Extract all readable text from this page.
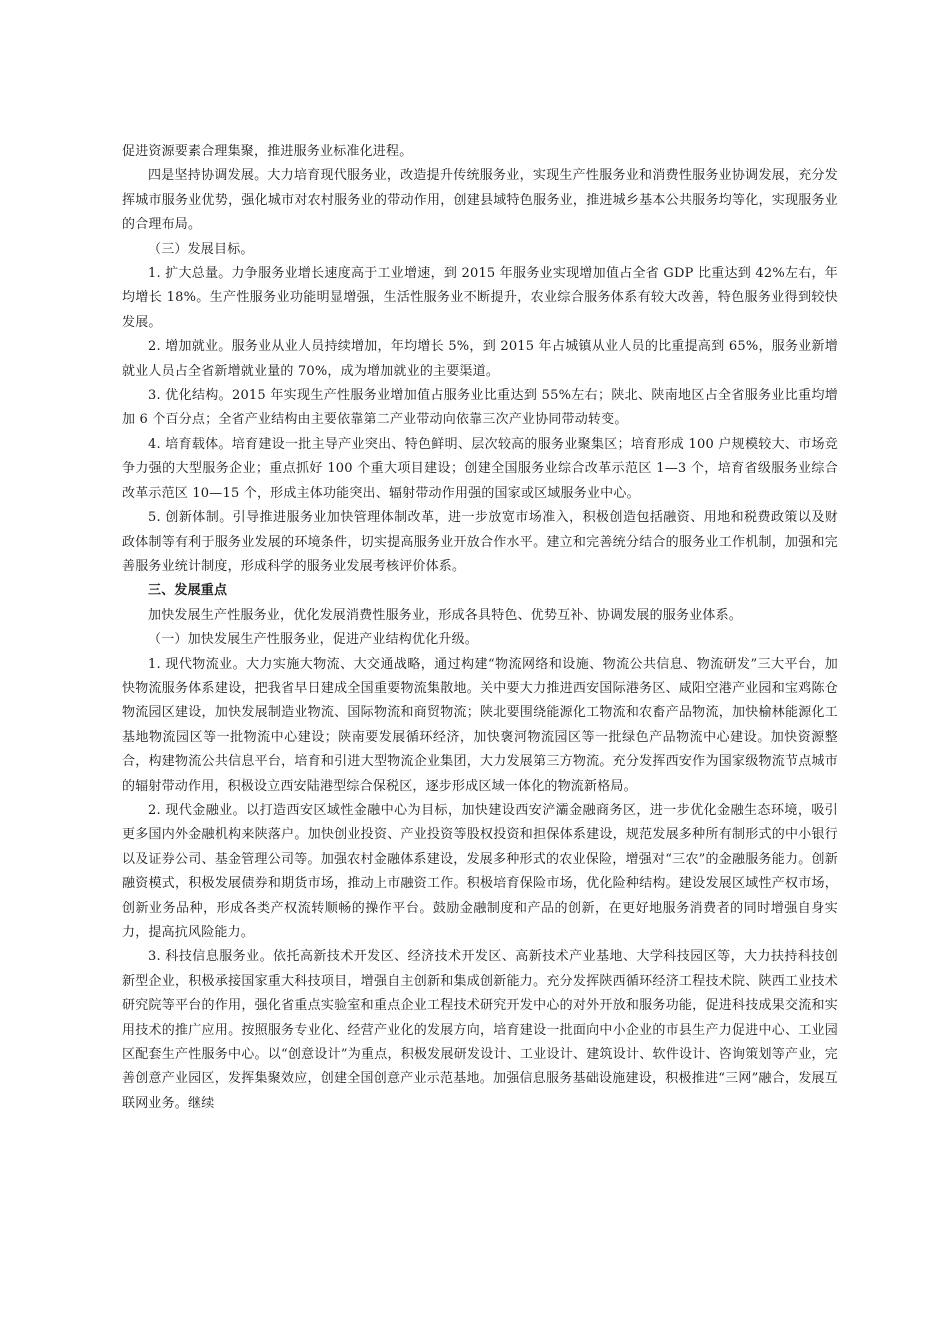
促进资源要素合理集聚，推进服务业标准化进程。

四是坚持协调发展。大力培育现代服务业，改造提升传统服务业，实现生产性服务业和消费性服务业协调发展，充分发挥城市服务业优势，强化城市对农村服务业的带动作用，创建县域特色服务业，推进城乡基本公共服务均等化，实现服务业的合理布局。

（三）发展目标。

1. 扩大总量。力争服务业增长速度高于工业增速，到 2015 年服务业实现增加值占全省 GDP 比重达到 42%左右，年均增长 18%。生产性服务业功能明显增强，生活性服务业不断提升，农业综合服务体系有较大改善，特色服务业得到较快发展。

2. 增加就业。服务业从业人员持续增加，年均增长 5%，到 2015 年占城镇从业人员的比重提高到 65%，服务业新增就业人员占全省新增就业量的 70%，成为增加就业的主要渠道。

3. 优化结构。2015 年实现生产性服务业增加值占服务业比重达到 55%左右；陕北、陕南地区占全省服务业比重均增加 6 个百分点；全省产业结构由主要依靠第二产业带动向依靠三次产业协同带动转变。

4. 培育载体。培育建设一批主导产业突出、特色鲜明、层次较高的服务业聚集区；培育形成 100 户规模较大、市场竞争力强的大型服务企业；重点抓好 100 个重大项目建设；创建全国服务业综合改革示范区 1—3 个，培育省级服务业综合改革示范区 10—15 个，形成主体功能突出、辐射带动作用强的国家或区域服务业中心。

5. 创新体制。引导推进服务业加快管理体制改革，进一步放宽市场准入，积极创造包括融资、用地和税费政策以及财政体制等有利于服务业发展的环境条件，切实提高服务业开放合作水平。建立和完善统分结合的服务业工作机制，加强和完善服务业统计制度，形成科学的服务业发展考核评价体系。

三、发展重点

加快发展生产性服务业，优化发展消费性服务业，形成各具特色、优势互补、协调发展的服务业体系。

（一）加快发展生产性服务业，促进产业结构优化升级。

1. 现代物流业。大力实施大物流、大交通战略，通过构建“物流网络和设施、物流公共信息、物流研发”三大平台，加快物流服务体系建设，把我省早日建成全国重要物流集散地。关中要大力推进西安国际港务区、咸阳空港产业园和宝鸡陈仓物流园区建设，加快发展制造业物流、国际物流和商贸物流；陕北要围绕能源化工物流和农畜产品物流，加快榆林能源化工基地物流园区等一批物流中心建设；陕南要发展循环经济，加快褒河物流园区等一批绿色产品物流中心建设。加快资源整合，构建物流公共信息平台，培育和引进大型物流企业集团，大力发展第三方物流。充分发挥西安作为国家级物流节点城市的辐射带动作用，积极设立西安陆港型综合保税区，逐步形成区域一体化的物流新格局。

2. 现代金融业。以打造西安区域性金融中心为目标，加快建设西安浐灞金融商务区，进一步优化金融生态环境，吸引更多国内外金融机构来陕落户。加快创业投资、产业投资等股权投资和担保体系建设，规范发展多种所有制形式的中小银行以及证券公司、基金管理公司等。加强农村金融体系建设，发展多种形式的农业保险，增强对“三农”的金融服务能力。创新融资模式，积极发展债券和期货市场，推动上市融资工作。积极培育保险市场，优化险种结构。建设发展区域性产权市场，创新业务品种，形成各类产权流转顺畅的操作平台。鼓励金融制度和产品的创新，在更好地服务消费者的同时增强自身实力，提高抗风险能力。

3. 科技信息服务业。依托高新技术开发区、经济技术开发区、高新技术产业基地、大学科技园区等，大力扶持科技创新型企业，积极承接国家重大科技项目，增强自主创新和集成创新能力。充分发挥陕西循环经济工程技术院、陕西工业技术研究院等平台的作用，强化省重点实验室和重点企业工程技术研究开发中心的对外开放和服务功能，促进科技成果交流和实用技术的推广应用。按照服务专业化、经营产业化的发展方向，培育建设一批面向中小企业的市县生产力促进中心、工业园区配套生产性服务中心。以“创意设计”为重点，积极发展研发设计、工业设计、建筑设计、软件设计、咨询策划等产业，完善创意产业园区，发挥集聚效应，创建全国创意产业示范基地。加强信息服务基础设施建设，积极推进“三网”融合，发展互联网业务。继续
